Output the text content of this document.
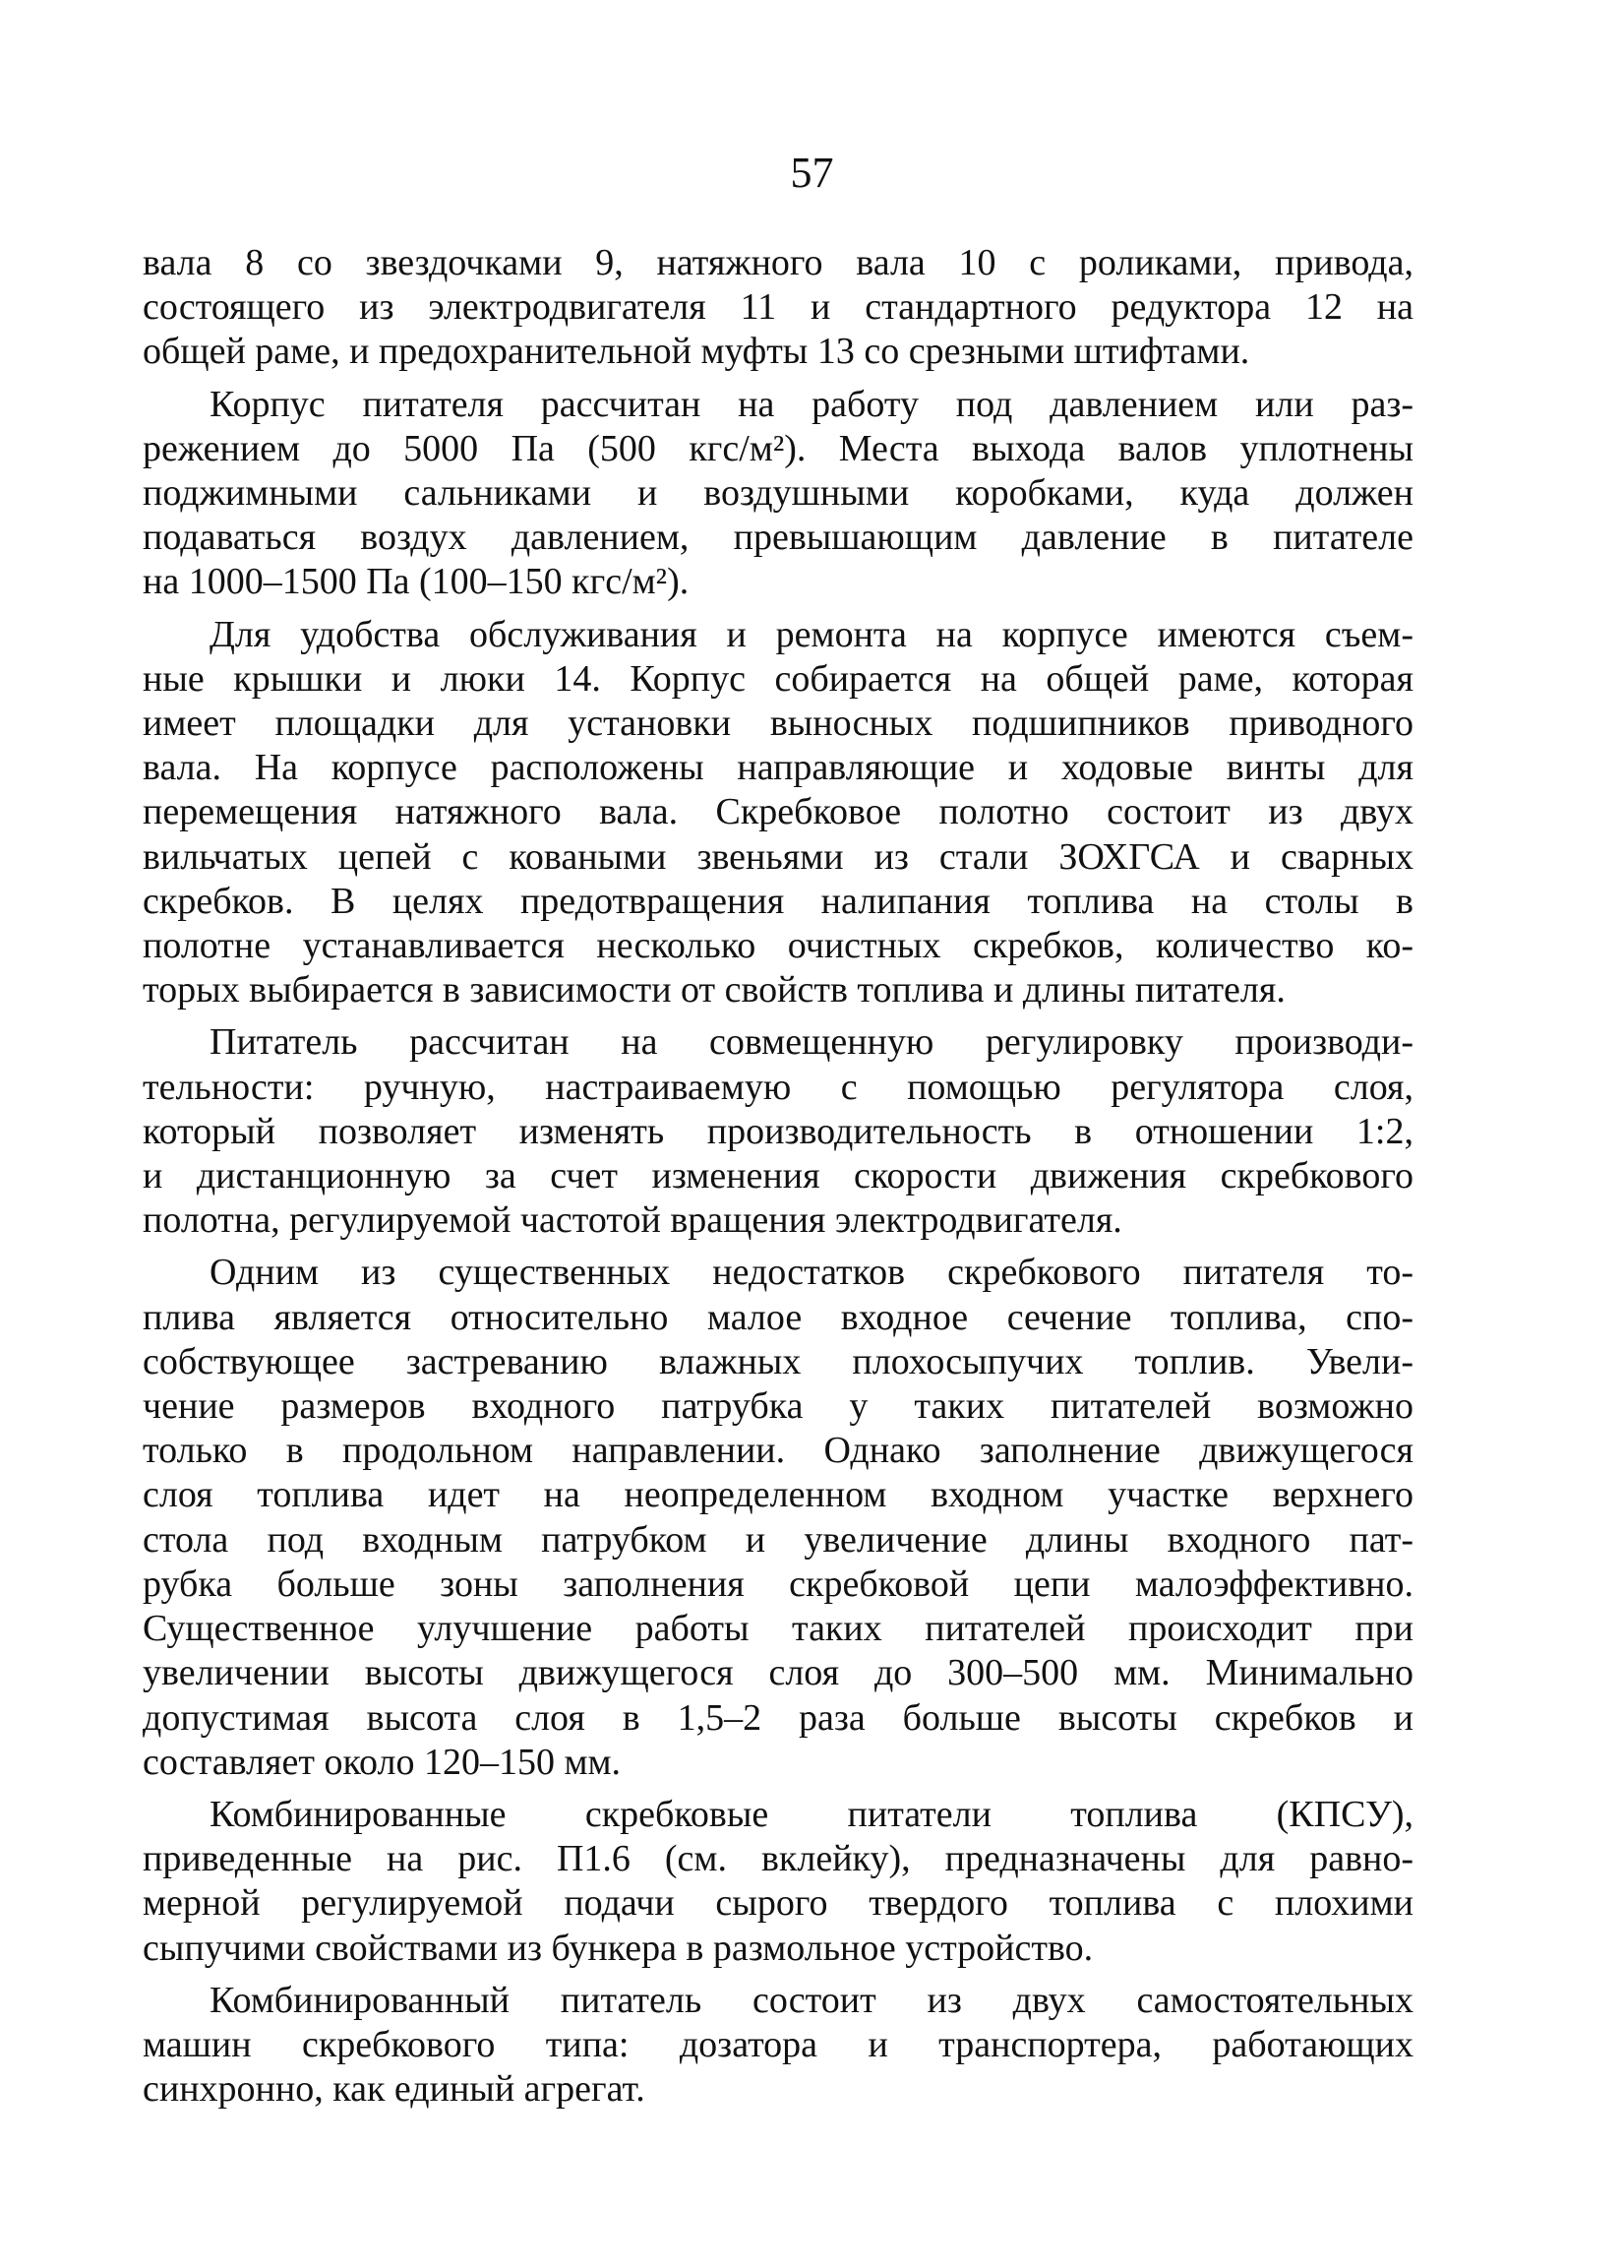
57
вала 8 со звездочками 9, натяжного вала 10 с роликами, привода,
состоящего из электродвигателя 11 и стандартного редуктора 12 на
общей раме, и предохранительной муфты 13 со срезными штифтами.
Корпус питателя рассчитан на работу под давлением или раз-
режением до 5000 Па (500 кгс/м²). Места выхода валов уплотнены
поджимными сальниками и воздушными коробками, куда должен
подаваться воздух давлением, превышающим давление в питателе
на 1000–1500 Па (100–150 кгс/м²).
Для удобства обслуживания и ремонта на корпусе имеются съем-
ные крышки и люки 14. Корпус собирается на общей раме, которая
имеет площадки для установки выносных подшипников приводного
вала. На корпусе расположены направляющие и ходовые винты для
перемещения натяжного вала. Скребковое полотно состоит из двух
вильчатых цепей с коваными звеньями из стали ЗОХГСА и сварных
скребков. В целях предотвращения налипания топлива на столы в
полотне устанавливается несколько очистных скребков, количество ко-
торых выбирается в зависимости от свойств топлива и длины питателя.
Питатель рассчитан на совмещенную регулировку производи-
тельности: ручную, настраиваемую с помощью регулятора слоя,
который позволяет изменять производительность в отношении 1:2,
и дистанционную за счет изменения скорости движения скребкового
полотна, регулируемой частотой вращения электродвигателя.
Одним из существенных недостатков скребкового питателя то-
плива является относительно малое входное сечение топлива, спо-
собствующее застреванию влажных плохосыпучих топлив. Увели-
чение размеров входного патрубка у таких питателей возможно
только в продольном направлении. Однако заполнение движущегося
слоя топлива идет на неопределенном входном участке верхнего
стола под входным патрубком и увеличение длины входного пат-
рубка больше зоны заполнения скребковой цепи малоэффективно.
Существенное улучшение работы таких питателей происходит при
увеличении высоты движущегося слоя до 300–500 мм. Минимально
допустимая высота слоя в 1,5–2 раза больше высоты скребков и
составляет около 120–150 мм.
Комбинированные скребковые питатели топлива (КПСУ),
приведенные на рис. П1.6 (см. вклейку), предназначены для равно-
мерной регулируемой подачи сырого твердого топлива с плохими
сыпучими свойствами из бункера в размольное устройство.
Комбинированный питатель состоит из двух самостоятельных
машин скребкового типа: дозатора и транспортера, работающих
синхронно, как единый агрегат.
